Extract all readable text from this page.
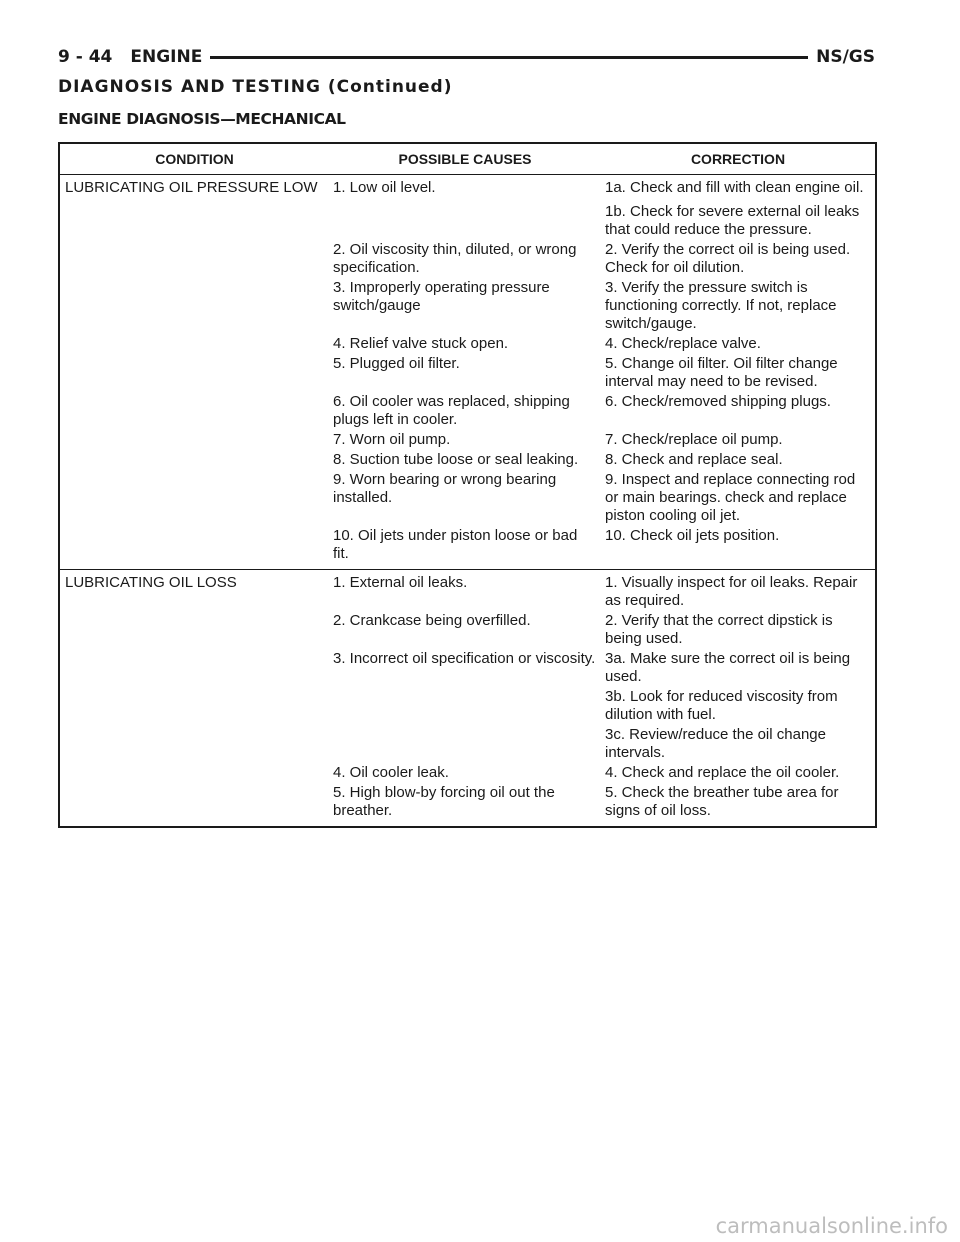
9 - 44 ENGINE	NS/GS
DIAGNOSIS AND TESTING (Continued)
ENGINE DIAGNOSIS—MECHANICAL
CONDITION	POSSIBLE CAUSES	CORRECTION
LUBRICATING OIL PRESSURE LOW	1. Low oil level.	1a. Check and fill with clean engine oil.
		1b. Check for severe external oil leaks that could reduce the pressure.
	2. Oil viscosity thin, diluted, or wrong specification.	2. Verify the correct oil is being used. Check for oil dilution.
	3. Improperly operating pressure switch/gauge	3. Verify the pressure switch is functioning correctly. If not, replace switch/gauge.
	4. Relief valve stuck open.	4. Check/replace valve.
	5. Plugged oil filter.	5. Change oil filter. Oil filter change interval may need to be revised.
	6. Oil cooler was replaced, shipping plugs left in cooler.	6. Check/removed shipping plugs.
	7. Worn oil pump.	7. Check/replace oil pump.
	8. Suction tube loose or seal leaking.	8. Check and replace seal.
	9. Worn bearing or wrong bearing installed.	9. Inspect and replace connecting rod or main bearings. check and replace piston cooling oil jet.
	10. Oil jets under piston loose or bad fit.	10. Check oil jets position.
LUBRICATING OIL LOSS	1. External oil leaks.	1. Visually inspect for oil leaks. Repair as required.
	2. Crankcase being overfilled.	2. Verify that the correct dipstick is being used.
	3. Incorrect oil specification or viscosity.	3a. Make sure the correct oil is being used.
		3b. Look for reduced viscosity from dilution with fuel.
		3c. Review/reduce the oil change intervals.
	4. Oil cooler leak.	4. Check and replace the oil cooler.
	5. High blow-by forcing oil out the breather.	5. Check the breather tube area for signs of oil loss.
carmanualsonline.info
